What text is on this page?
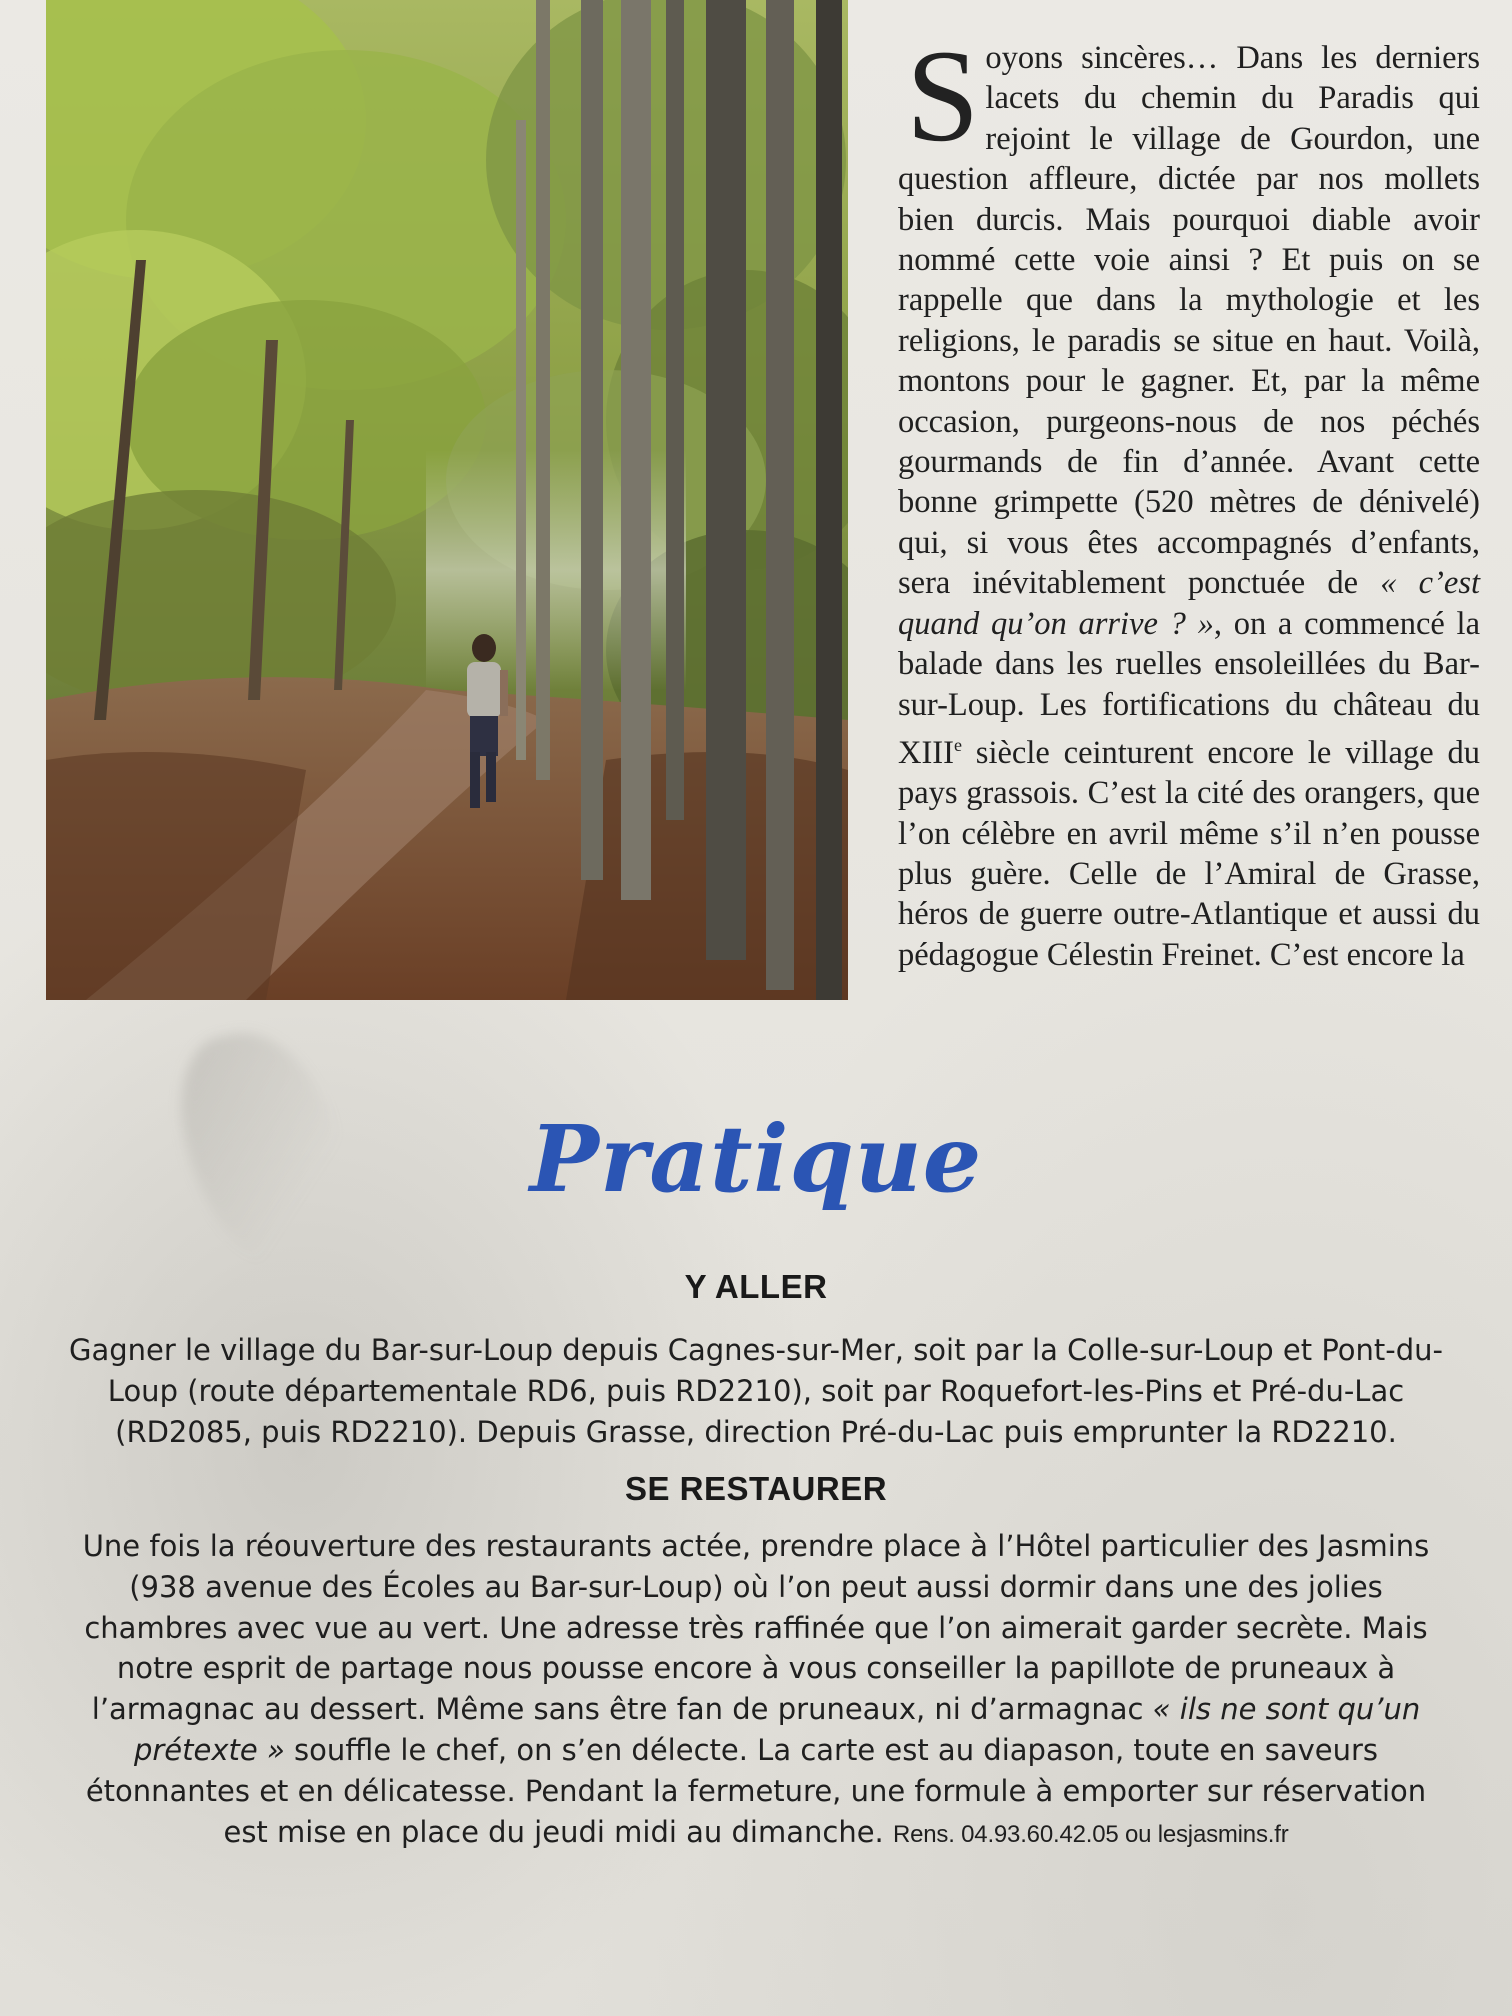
Soyons sincères… Dans les derniers lacets du chemin du Paradis qui rejoint le village de Gourdon, une question affleure, dictée par nos mollets bien durcis. Mais pourquoi diable avoir nommé cette voie ainsi ? Et puis on se rappelle que dans la mythologie et les religions, le paradis se situe en haut. Voilà, montons pour le gagner. Et, par la même occasion, purgeons-nous de nos péchés gourmands de fin d’année. Avant cette bonne grimpette (520 mètres de dénivelé) qui, si vous êtes accompagnés d’enfants, sera inévitablement ponctuée de « c’est quand qu’on arrive ? », on a commencé la balade dans les ruelles ensoleillées du Bar-sur-Loup. Les fortifications du château du XIIIe siècle ceinturent encore le village du pays grassois. C’est la cité des orangers, que l’on célèbre en avril même s’il n’en pousse plus guère. Celle de l’Amiral de Grasse, héros de guerre outre-Atlantique et aussi du pédagogue Célestin Freinet. C’est encore la
Pratique
Y ALLER
Gagner le village du Bar-sur-Loup depuis Cagnes-sur-Mer, soit par la Colle-sur-Loup et Pont-du-Loup (route départementale RD6, puis RD2210), soit par Roquefort-les-Pins et Pré-du-Lac (RD2085, puis RD2210). Depuis Grasse, direction Pré-du-Lac puis emprunter la RD2210.
SE RESTAURER
Une fois la réouverture des restaurants actée, prendre place à l’Hôtel particulier des Jasmins (938 avenue des Écoles au Bar-sur-Loup) où l’on peut aussi dormir dans une des jolies chambres avec vue au vert. Une adresse très raffinée que l’on aimerait garder secrète. Mais notre esprit de partage nous pousse encore à vous conseiller la papillote de pruneaux à l’armagnac au dessert. Même sans être fan de pruneaux, ni d’armagnac « ils ne sont qu’un prétexte » souffle le chef, on s’en délecte. La carte est au diapason, toute en saveurs étonnantes et en délicatesse. Pendant la fermeture, une formule à emporter sur réservation est mise en place du jeudi midi au dimanche. Rens. 04.93.60.42.05 ou lesjasmins.fr
